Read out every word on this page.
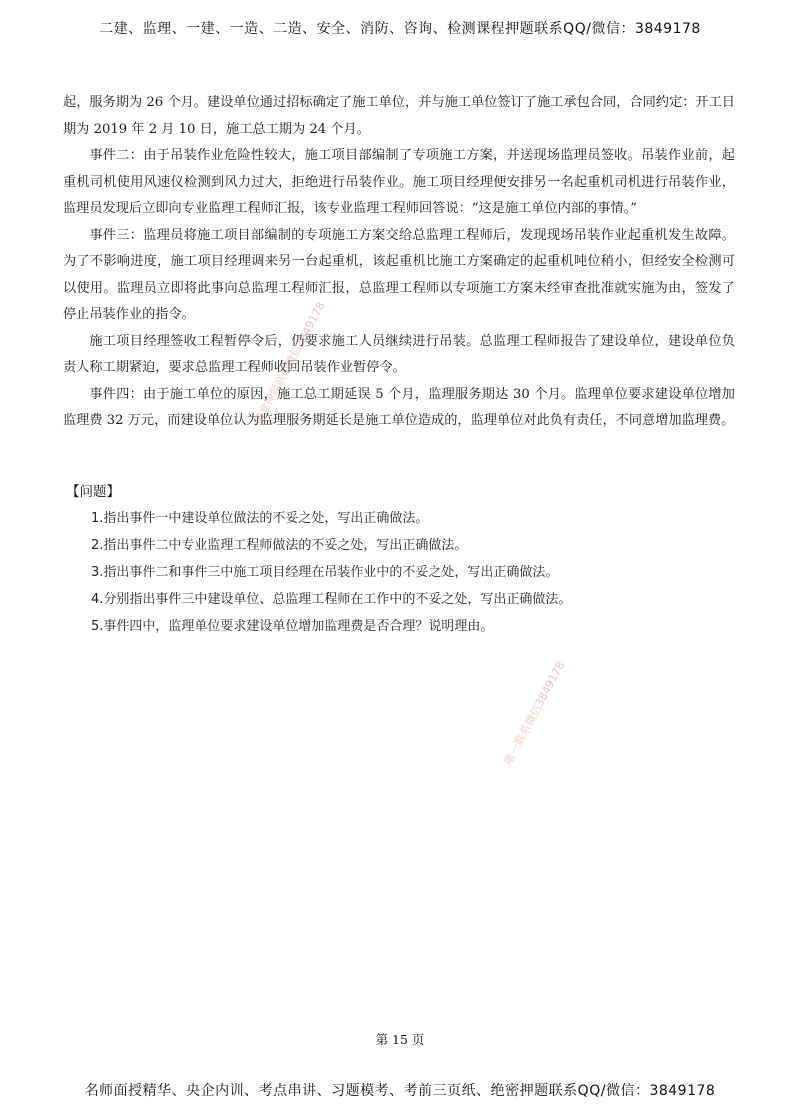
二建、监理、一建、一造、二造、安全、消防、咨询、检测课程押题联系QQ/微信：3849178

起，服务期为 26 个月。建设单位通过招标确定了施工单位，并与施工单位签订了施工承包合同，合同约定：开工日期为 2019 年 2 月 10 日，施工总工期为 24 个月。

事件二：由于吊装作业危险性较大，施工项目部编制了专项施工方案，并送现场监理员签收。吊装作业前，起重机司机使用风速仪检测到风力过大，拒绝进行吊装作业。施工项目经理便安排另一名起重机司机进行吊装作业，监理员发现后立即向专业监理工程师汇报，该专业监理工程师回答说：“这是施工单位内部的事情。”

事件三：监理员将施工项目部编制的专项施工方案交给总监理工程师后，发现现场吊装作业起重机发生故障。为了不影响进度，施工项目经理调来另一台起重机，该起重机比施工方案确定的起重机吨位稍小，但经安全检测可以使用。监理员立即将此事向总监理工程师汇报，总监理工程师以专项施工方案未经审查批准就实施为由，签发了停止吊装作业的指令。

施工项目经理签收工程暂停令后，仍要求施工人员继续进行吊装。总监理工程师报告了建设单位，建设单位负责人称工期紧迫，要求总监理工程师收回吊装作业暂停令。

事件四：由于施工单位的原因，施工总工期延误 5 个月，监理服务期达 30 个月。监理单位要求建设单位增加监理费 32 万元，而建设单位认为监理服务期延长是施工单位造成的，监理单位对此负有责任，不同意增加监理费。

【问题】
1.指出事件一中建设单位做法的不妥之处，写出正确做法。
2.指出事件二中专业监理工程师做法的不妥之处，写出正确做法。
3.指出事件二和事件三中施工项目经理在吊装作业中的不妥之处，写出正确做法。
4.分别指出事件三中建设单位、总监理工程师在工作中的不妥之处，写出正确做法。
5.事件四中，监理单位要求建设单位增加监理费是否合理？说明理由。
精准押题联系微信3849178
唯一联系微信3849178
第 15 页
名师面授精华、央企内训、考点串讲、习题模考、考前三页纸、绝密押题联系QQ/微信：3849178
